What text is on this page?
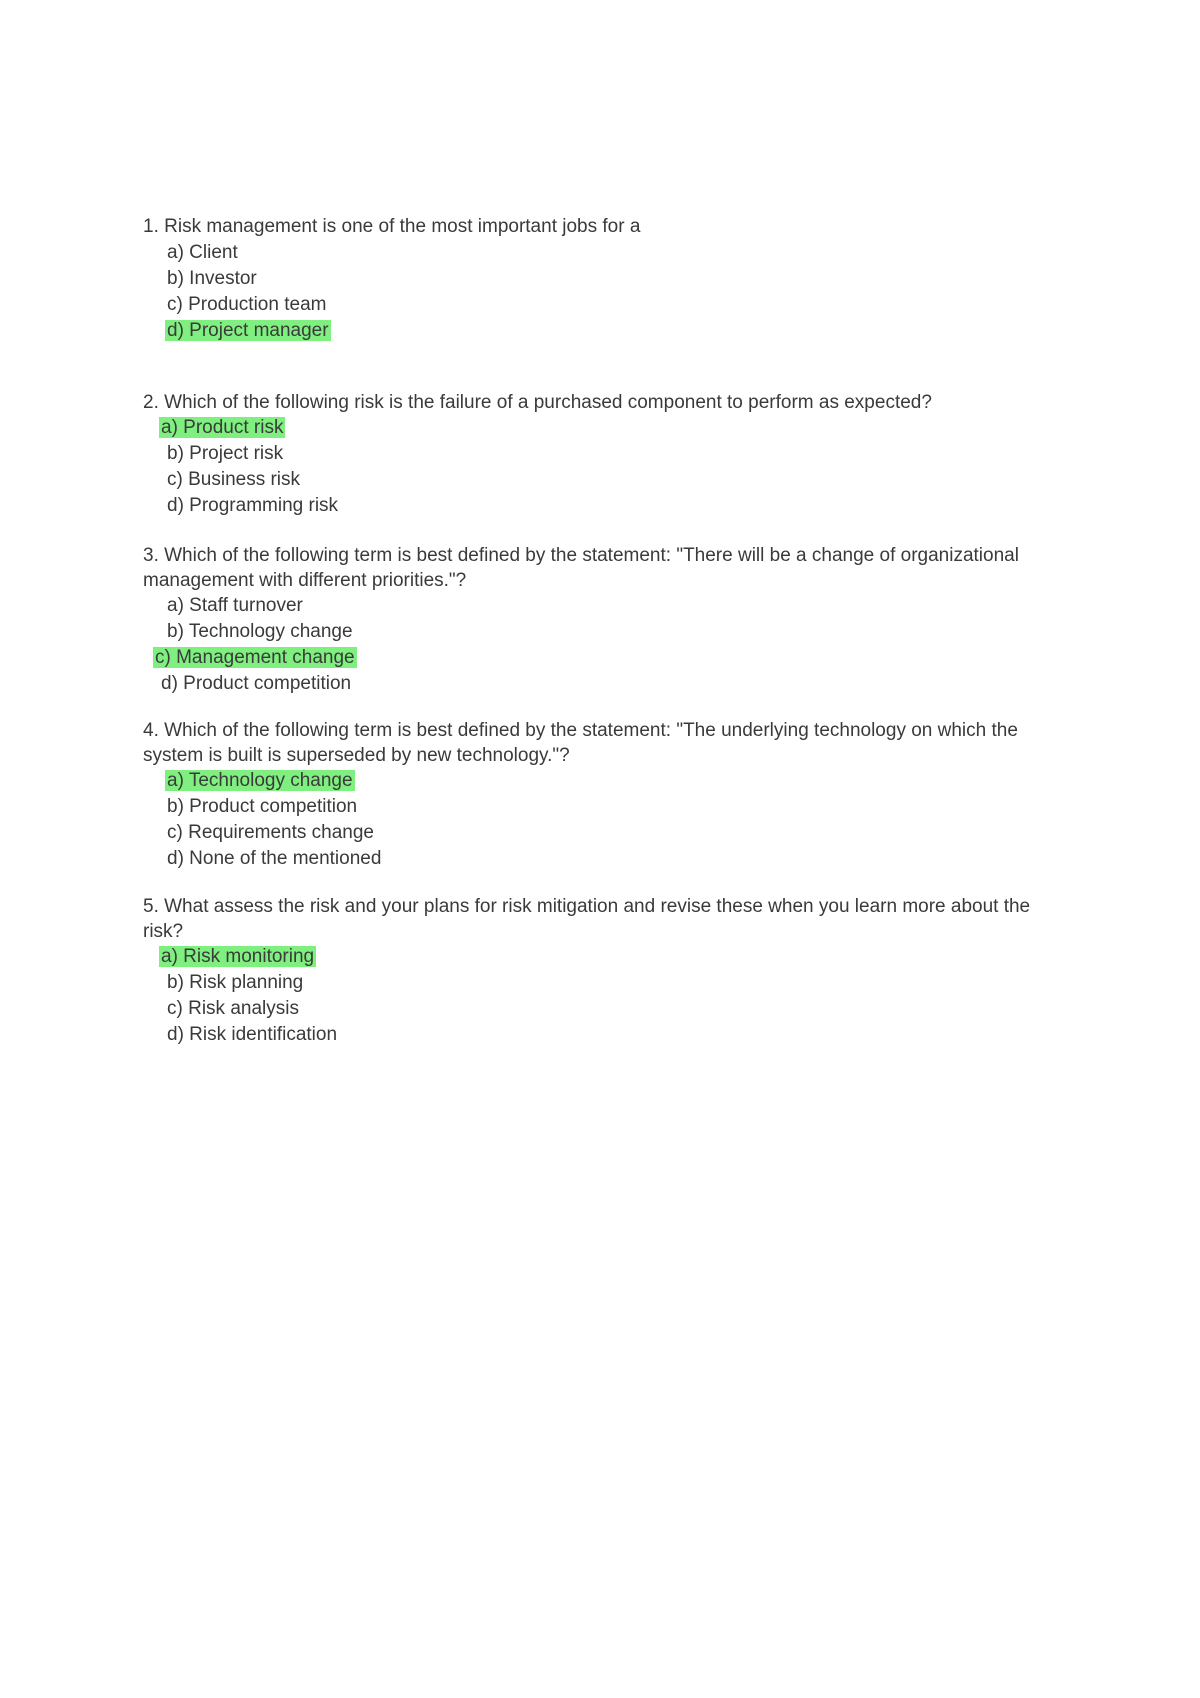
1. Risk management is one of the most important jobs for a

a) Client
b) Investor
c) Production team
d) Project manager

2. Which of the following risk is the failure of a purchased component to perform as expected?

a) Product risk
b) Project risk
c) Business risk
d) Programming risk

3. Which of the following term is best defined by the statement: "There will be a change of organizational management with different priorities."?

a) Staff turnover
b) Technology change
c) Management change
d) Product competition

4. Which of the following term is best defined by the statement: "The underlying technology on which the system is built is superseded by new technology."?

a) Technology change
b) Product competition
c) Requirements change
d) None of the mentioned

5. What assess the risk and your plans for risk mitigation and revise these when you learn more about the risk?

a) Risk monitoring
b) Risk planning
c) Risk analysis
d) Risk identification
